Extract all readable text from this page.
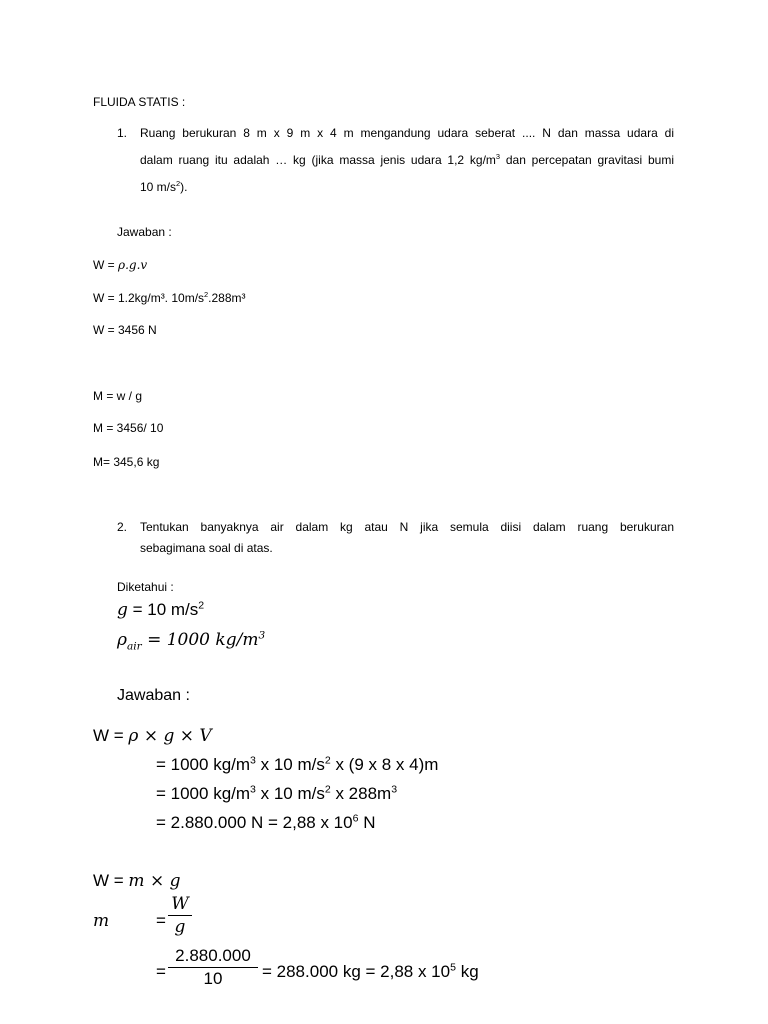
FLUIDA STATIS :
1. Ruang berukuran 8 m x 9 m x 4 m mengandung udara seberat .... N dan massa udara di
dalam ruang itu adalah … kg (jika massa jenis udara 1,2 $kg/m^3$ dan percepatan gravitasi bumi
10 $m/s^2$).
Jawaban :
W = ρ.g.v
W = 1.2kg/m³. $10m/s^2.288m^3$
W = 3456 N
M = w / g
M = 3456/ 10
M= 345,6 kg
2. Tentukan banyaknya air dalam kg atau N jika semula diisi dalam ruang berukuran
sebagimana soal di atas.
Diketahui :
g = 10 $m/s^2$
$\rho_{air} = 1000$ $kg/m^3$
Jawaban :
W = ρ × g × V
= 1000 $kg/m^3$ x 10 $m/s^2$ x (9 x 8 x 4)m
= 1000 $kg/m^3$ x 10 $m/s^2$ x $288m^3$
= 2.880.000 N = 2,88 x $10^6$ N
W = m × g
m	=
W
g
=
2.880.000
10	= 288.000 kg = 2,88 x $10^5$ kg
